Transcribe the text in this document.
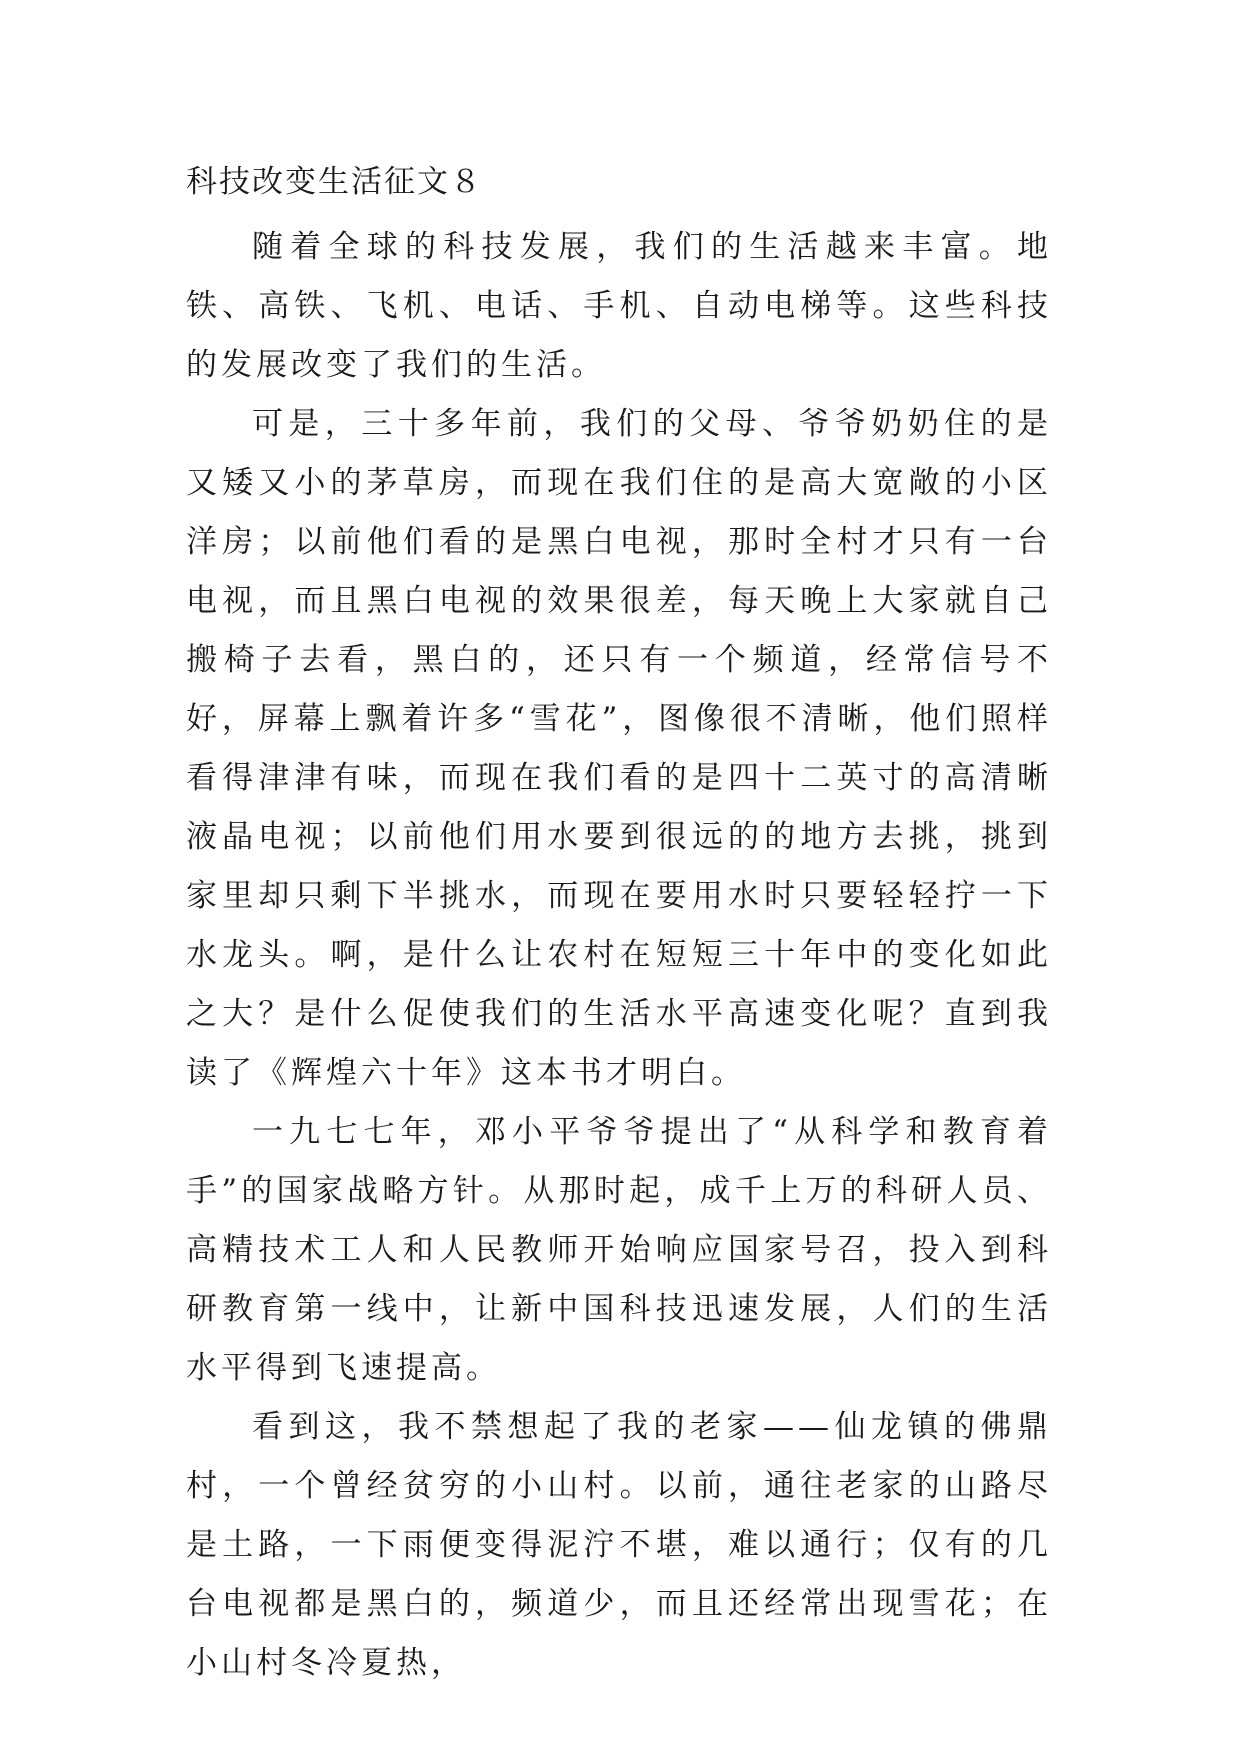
科技改变生活征文８

随着全球的科技发展，我们的生活越来丰富。地铁、高铁、飞机、电话、手机、自动电梯等。这些科技的发展改变了我们的生活。

可是，三十多年前，我们的父母、爷爷奶奶住的是又矮又小的茅草房，而现在我们住的是高大宽敞的小区洋房；以前他们看的是黑白电视，那时全村才只有一台电视，而且黑白电视的效果很差，每天晚上大家就自己搬椅子去看，黑白的，还只有一个频道，经常信号不好，屏幕上飘着许多“雪花”，图像很不清晰，他们照样看得津津有味，而现在我们看的是四十二英寸的高清晰液晶电视；以前他们用水要到很远的的地方去挑，挑到家里却只剩下半挑水，而现在要用水时只要轻轻拧一下水龙头。啊，是什么让农村在短短三十年中的变化如此之大？是什么促使我们的生活水平高速变化呢？直到我读了《辉煌六十年》这本书才明白。

一九七七年，邓小平爷爷提出了“从科学和教育着手”的国家战略方针。从那时起，成千上万的科研人员、高精技术工人和人民教师开始响应国家号召，投入到科研教育第一线中，让新中国科技迅速发展，人们的生活水平得到飞速提高。

看到这，我不禁想起了我的老家——仙龙镇的佛鼎村，一个曾经贫穷的小山村。以前，通往老家的山路尽是土路，一下雨便变得泥泞不堪，难以通行；仅有的几台电视都是黑白的，频道少，而且还经常出现雪花；在小山村冬冷夏热，
